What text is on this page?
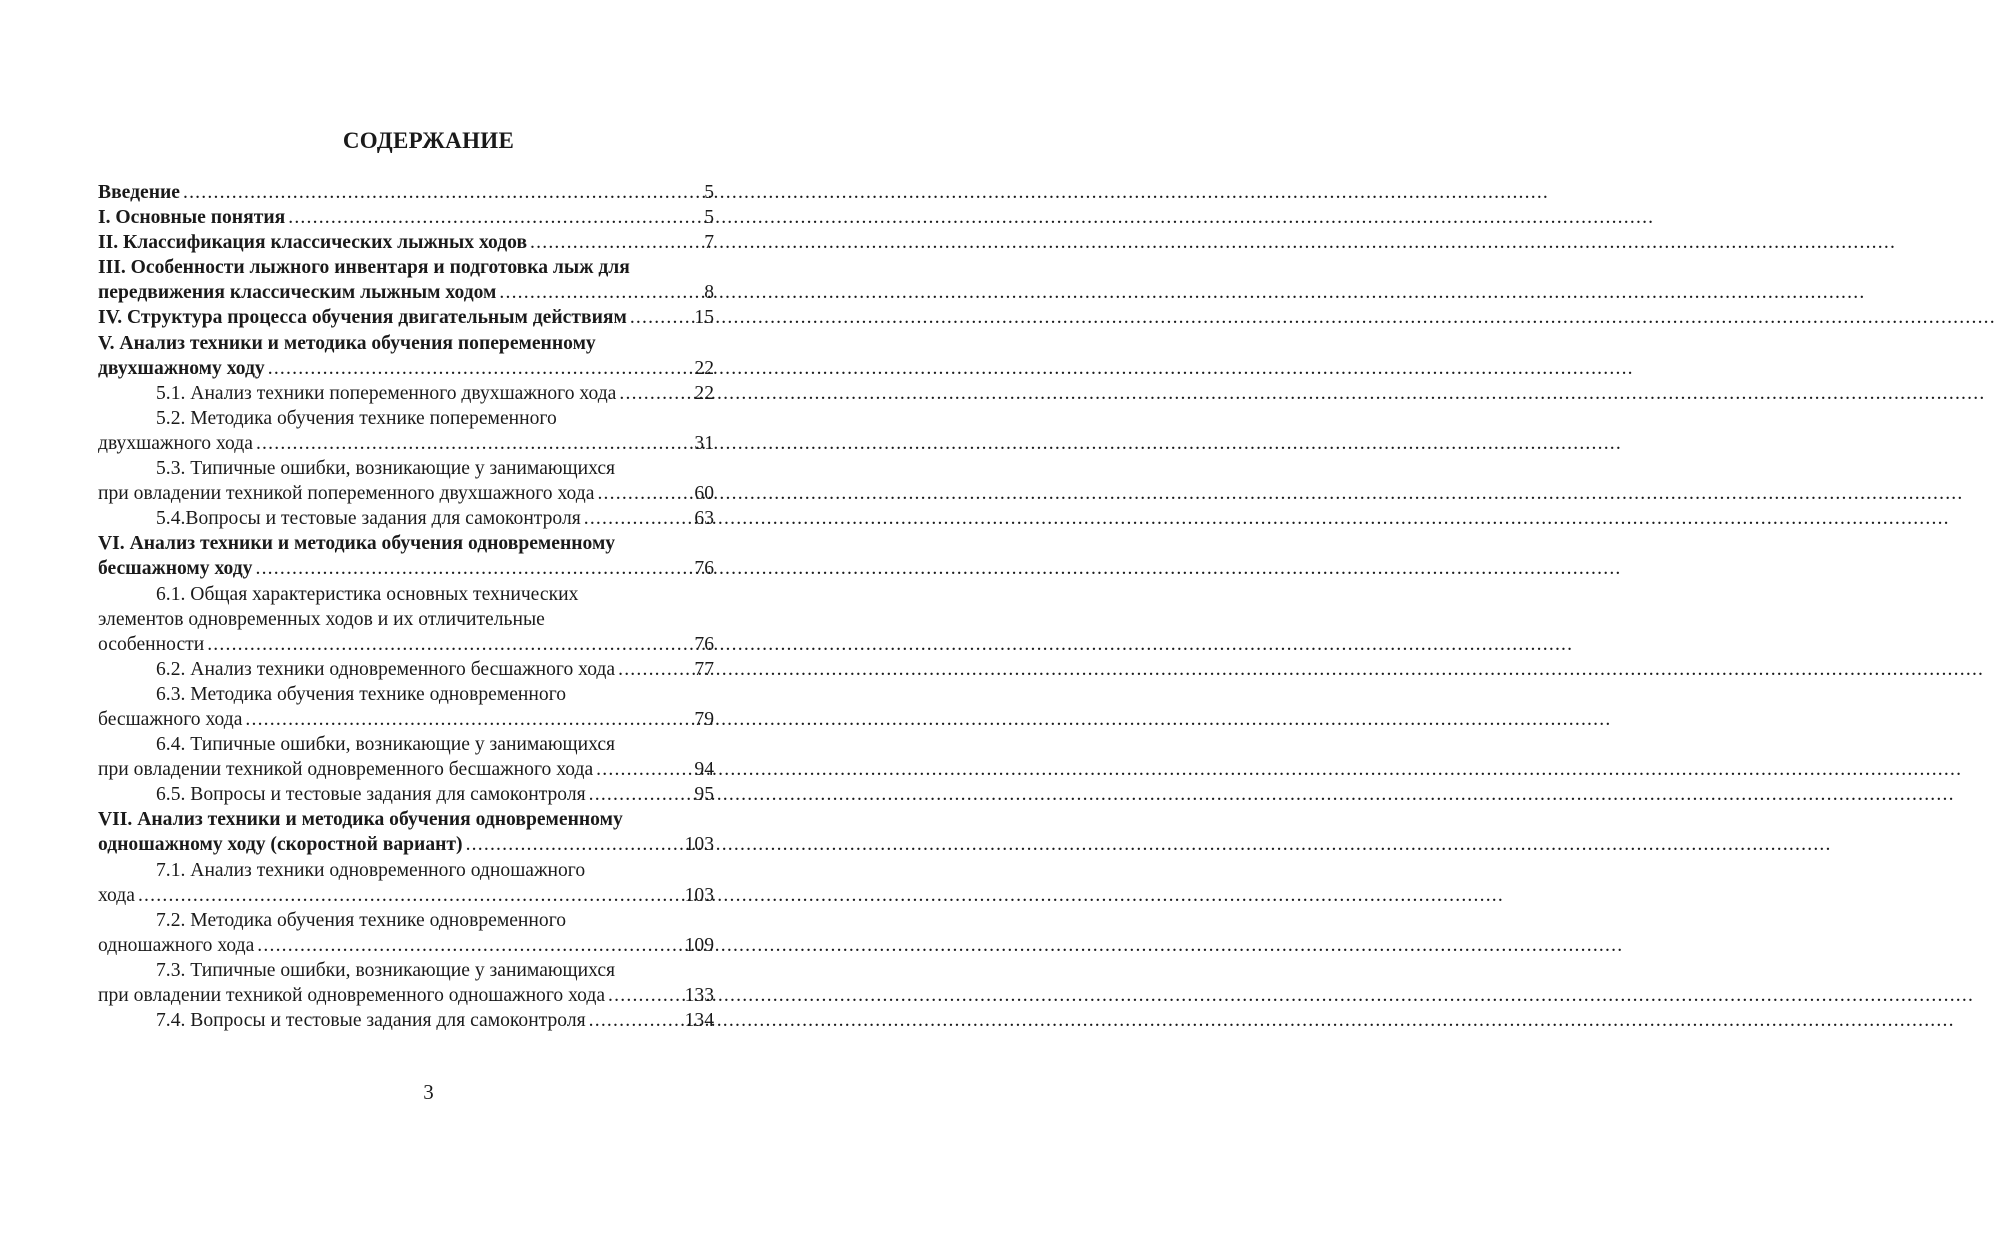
СОДЕРЖАНИЕ
Введение .....	5
I. Основные понятия .....	5
II. Классификация классических лыжных ходов .....	7
III. Особенности лыжного инвентаря и подготовка лыж для
передвижения классическим лыжным ходом .....	8
IV. Структура процесса обучения двигательным действиям .....	15
V. Анализ техники и методика обучения попеременному
двухшажному ходу .....	22
5.1. Анализ техники попеременного двухшажного хода .....	22
5.2. Методика обучения технике попеременного
двухшажного хода .....	31
5.3. Типичные ошибки, возникающие у занимающихся
при овладении техникой попеременного двухшажного хода .....	60
5.4.Вопросы и тестовые задания для самоконтроля .....	63
VI. Анализ техники и методика обучения одновременному
бесшажному ходу .....	76
6.1. Общая характеристика основных технических
элементов одновременных ходов и их отличительные
особенности .....	76
6.2. Анализ техники одновременного бесшажного хода .....	77
6.3. Методика обучения технике одновременного
бесшажного хода .....	79
6.4. Типичные ошибки, возникающие у занимающихся
при овладении техникой одновременного бесшажного хода .....	94
6.5. Вопросы и тестовые задания для самоконтроля .....	95
VII. Анализ техники и методика обучения одновременному
одношажному ходу (скоростной вариант) .....	103
7.1. Анализ техники одновременного одношажного
хода .....	103
7.2. Методика обучения технике одновременного
одношажного хода .....	109
7.3. Типичные ошибки, возникающие у занимающихся
при овладении техникой одновременного одношажного хода .....	133
7.4. Вопросы и тестовые задания для самоконтроля .....	134
3
